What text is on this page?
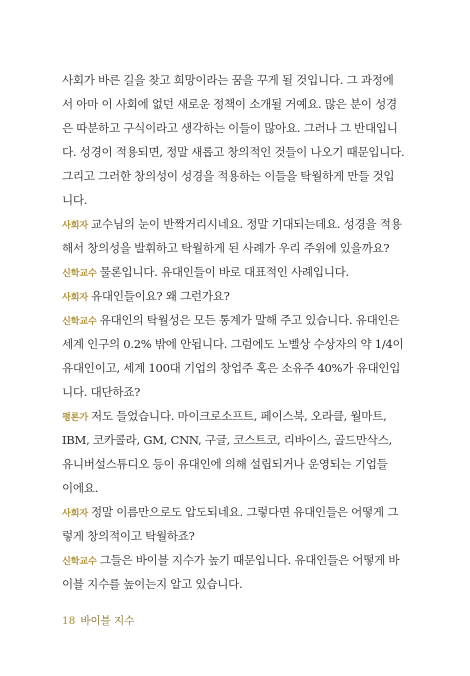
사회가 바른 길을 찾고 희망이라는 꿈을 꾸게 될 것입니다. 그 과정에
서 아마 이 사회에 없던 새로운 정책이 소개될 거예요. 많은 분이 성경
은 따분하고 구식이라고 생각하는 이들이 많아요. 그러나 그 반대입니
다. 성경이 적용되면, 정말 새롭고 창의적인 것들이 나오기 때문입니다.
그리고 그러한 창의성이 성경을 적용하는 이들을 탁월하게 만들 것입
니다.
사회자 교수님의 눈이 반짝거리시네요. 정말 기대되는데요. 성경을 적용
해서 창의성을 발휘하고 탁월하게 된 사례가 우리 주위에 있을까요?
신학교수 물론입니다. 유대인들이 바로 대표적인 사례입니다.
사회자 유대인들이요? 왜 그런가요?
신학교수 유대인의 탁월성은 모든 통계가 말해 주고 있습니다. 유대인은
세계 인구의 0.2% 밖에 안됩니다. 그럼에도 노벨상 수상자의 약 1/4이
유대인이고, 세계 100대 기업의 창업주 혹은 소유주 40%가 유대인입
니다. 대단하죠?
평론가 저도 들었습니다. 마이크로소프트, 페이스북, 오라클, 월마트,
IBM, 코카콜라, GM, CNN, 구글, 코스트코, 리바이스, 골드만삭스,
유니버설스튜디오 등이 유대인에 의해 설립되거나 운영되는 기업들
이에요.
사회자 정말 이름만으로도 압도되네요. 그렇다면 유대인들은 어떻게 그
렇게 창의적이고 탁월하죠?
신학교수 그들은 바이블 지수가 높기 때문입니다. 유대인들은 어떻게 바
이블 지수를 높이는지 알고 있습니다.
18 바이블 지수
